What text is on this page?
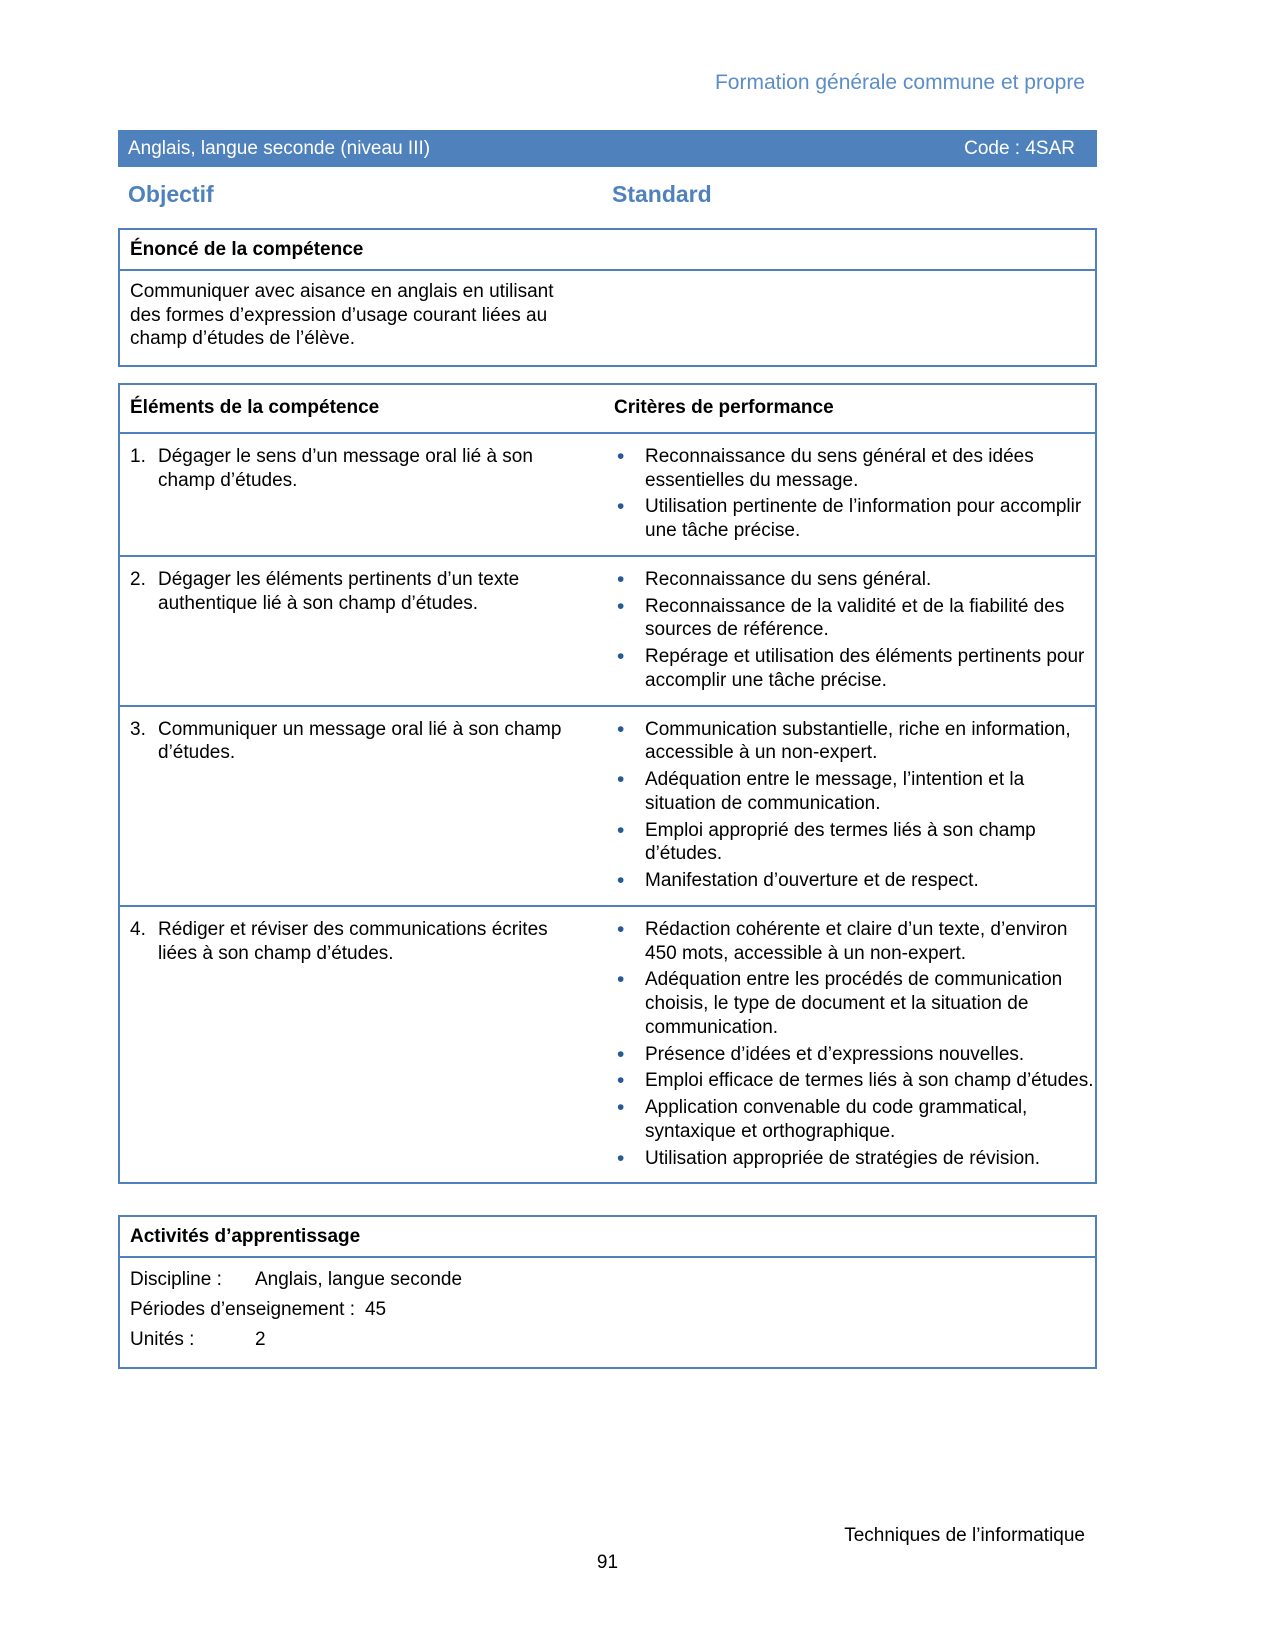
Formation générale commune et propre
Anglais, langue seconde (niveau III)	Code : 4SAR
Objectif	Standard
Énoncé de la compétence
Communiquer avec aisance en anglais en utilisant des formes d’expression d’usage courant liées au champ d’études de l’élève.
Éléments de la compétence	Critères de performance
1. Dégager le sens d’un message oral lié à son champ d’études.
• Reconnaissance du sens général et des idées essentielles du message.
• Utilisation pertinente de l’information pour accomplir une tâche précise.
2. Dégager les éléments pertinents d’un texte authentique lié à son champ d’études.
• Reconnaissance du sens général.
• Reconnaissance de la validité et de la fiabilité des sources de référence.
• Repérage et utilisation des éléments pertinents pour accomplir une tâche précise.
3. Communiquer un message oral lié à son champ d’études.
• Communication substantielle, riche en information, accessible à un non-expert.
• Adéquation entre le message, l’intention et la situation de communication.
• Emploi approprié des termes liés à son champ d’études.
• Manifestation d’ouverture et de respect.
4. Rédiger et réviser des communications écrites liées à son champ d’études.
• Rédaction cohérente et claire d’un texte, d’environ 450 mots, accessible à un non-expert.
• Adéquation entre les procédés de communication choisis, le type de document et la situation de communication.
• Présence d’idées et d’expressions nouvelles.
• Emploi efficace de termes liés à son champ d’études.
• Application convenable du code grammatical, syntaxique et orthographique.
• Utilisation appropriée de stratégies de révision.
Activités d’apprentissage
Discipline :	Anglais, langue seconde
Périodes d’enseignement : 45
Unités :	2
Techniques de l’informatique
91
